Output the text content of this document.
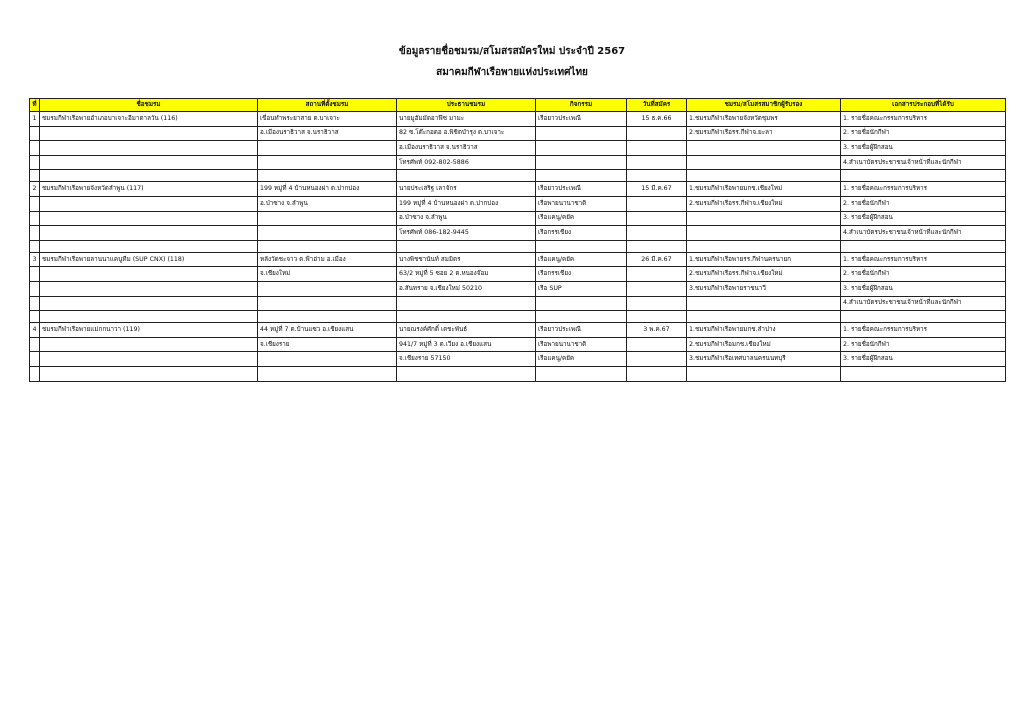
ข้อมูลรายชื่อชมรม/สโมสรสมัครใหม่ ประจำปี 2567
สมาคมกีฬาเรือพายแห่งประเทศไทย
ที่	ชื่อชมรม	สถานที่ตั้งชมรม	ประธานชมรม	กิจกรรม	วันที่สมัคร	ชมรม/สโมสรสมาชิกผู้รับรอง	เอกสารประกอบที่ได้รับ
1	ชมรมกีฬาเรือพายอำเภอบาเจาะอีมาตาลวัน (116)	เขื่อนทำพระยาสาย ต.บาเจาะ	นายมูฮัมมัดอาฟีซ มามะ	เรือยาวประเพณี	15 ธ.ค.66	1.ชมรมกีฬาเรือพายจังหวัดชุมพร	1. รายชื่อคณะกรรมการบริหาร
		อ.เมืองนราธิวาส จ.นราธิวาส	82 ซ.โต๊ะกอดอ อ.พิชิตบำรุง ต.บาเจาะ			2.ชมรมกีฬาเรือรร.กีฬาจ.ยะลา	2. รายชื่อนักกีฬา
			อ.เมืองนราธิวาส จ.นราธิวาส				3. รายชื่อผู้ฝึกสอน
			โทรศัพท์ 092-802-5886				4.สำเนาบัตรประชาชนเจ้าหน้าที่และนักกีฬา

2	ชมรมกีฬาเรือพายจังหวัดลำพูน (117)	199 หมู่ที่ 4 บ้านหนองผ่า ต.ปากบ่อง	นายประเสริฐ เลาจักร	เรือยาวประเพณี	15 มี.ค.67	1.ชมรมกีฬาเรือพายมกช.เชียงใหม่	1. รายชื่อคณะกรรมการบริหาร
		อ.ป่าซาง จ.ลำพูน	199 หมู่ที่ 4 บ้านหนองผ่า ต.ปากบ่อง	เรือพายนานาชาติ		2.ชมรมกีฬาเรือรร.กีฬาจ.เชียงใหม่	2. รายชื่อนักกีฬา
			อ.ป่าซาง จ.ลำพูน	เรือแคนู/คยัค			3. รายชื่อผู้ฝึกสอน
			โทรศัพท์ 086-182-9445	เรือกรรเชียง			4.สำเนาบัตรประชาชนเจ้าหน้าที่และนักกีฬา

3	ชมรมกีฬาเรือพายลานนาแคนูทีม (SUP CNX) (118)	หลังวัดชะจาว ต.ฟ้าฮ่าม อ.เมือง	นางพิชชานันท์ สมมิตร	เรือแคนู/คยัค	26 มี.ค.67	1.ชมรมกีฬาเรือพายรร.กีฬานครนายก	1. รายชื่อคณะกรรมการบริหาร
		จ.เชียงใหม่	63/2 หมู่ที่ 5 ซอย 2 ต.หนองจ๊อม	เรือกรรเชียง		2.ชมรมกีฬาเรือรร.กีฬาจ.เชียงใหม่	2. รายชื่อนักกีฬา
			อ.สันทราย จ.เชียงใหม่ 50210	เรือ SUP		3.ชมรมกีฬาเรือพายราชนาวี	3. รายชื่อผู้ฝึกสอน
							4.สำเนาบัตรประชาชนเจ้าหน้าที่และนักกีฬา

4	ชมรมกีฬาเรือพายแม่กกนาวา (119)	44 หมู่ที่ 7 ต.บ้านแซว อ.เชียงแสน	นายณรงค์ศักดิ์ เตชะพันธ์	เรือยาวประเพณี	3 พ.ค.67	1.ชมรมกีฬาเรือพายมกช.ลำปาง	1. รายชื่อคณะกรรมการบริหาร
		จ.เชียงราย	941/7 หมู่ที่ 3 ต.เวียง อ.เชียงแสน	เรือพายนานาชาติ		2.ชมรมกีฬาเรือมกช.เชียงใหม่	2. รายชื่อนักกีฬา
			จ.เชียงราย 57150	เรือแคนู/คยัค		3.ชมรมกีฬาเรือเทศบาลนครนนทบุรี	3. รายชื่อผู้ฝึกสอน
